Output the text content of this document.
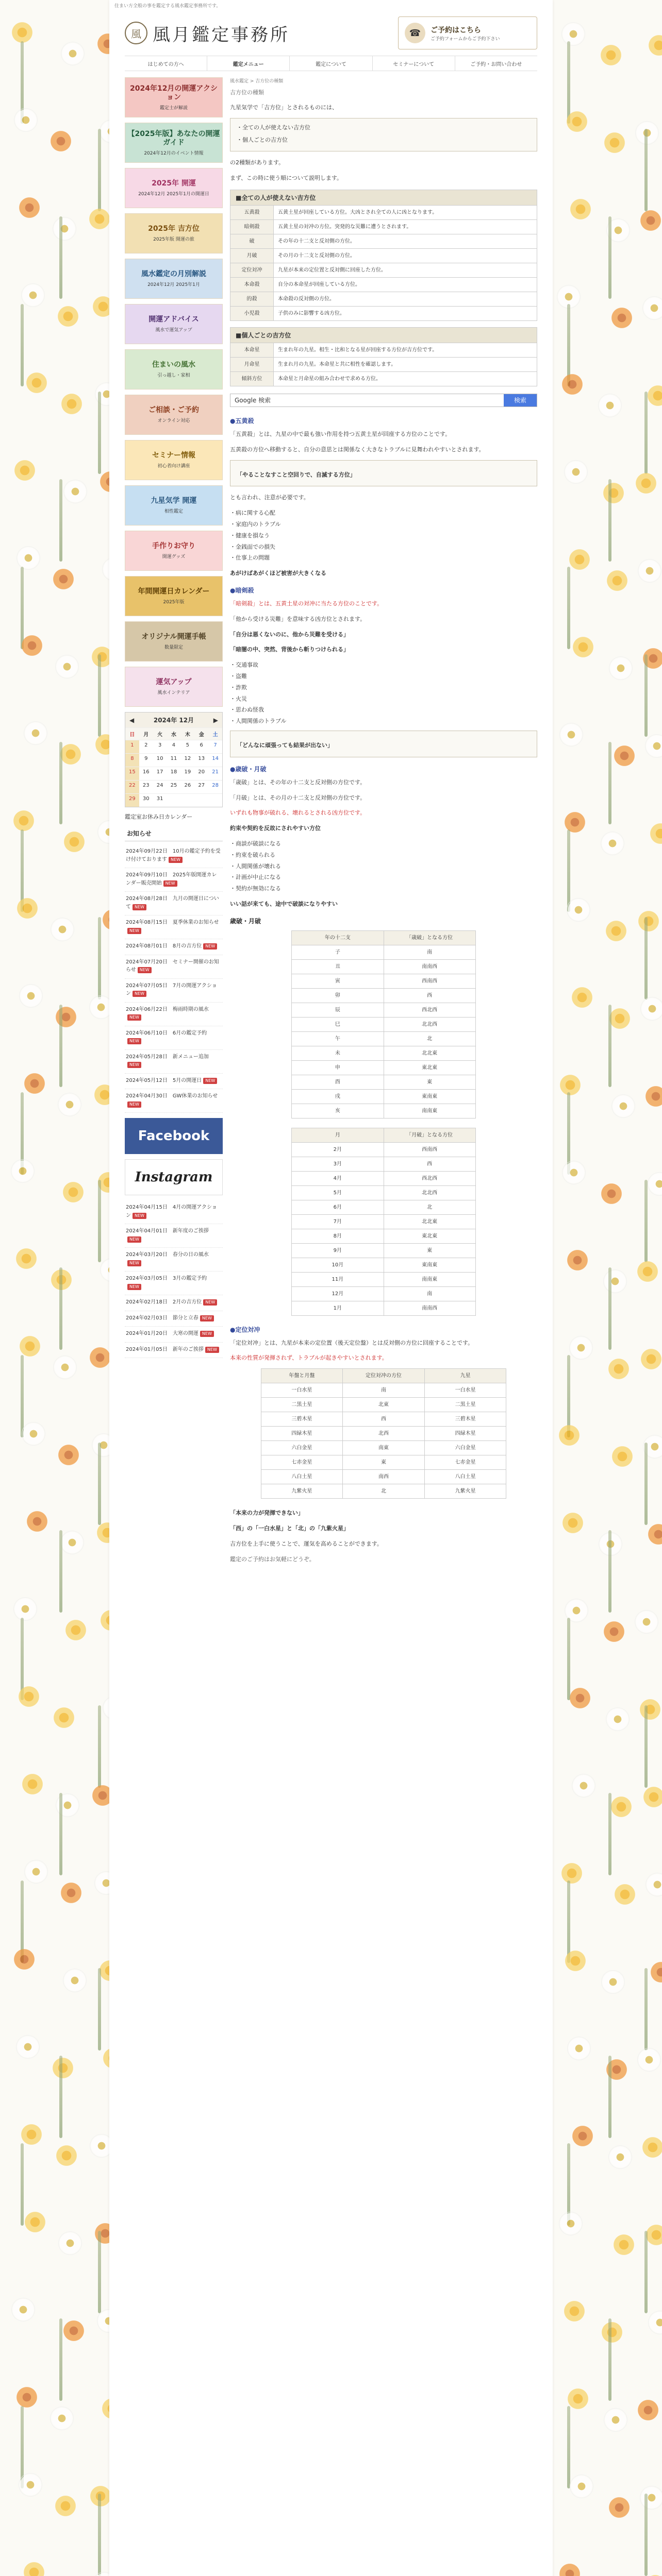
住まい方全般の事を鑑定する風水鑑定事務所です。
風 風月鑑定事務所	☎	ご予約はこちら
ご予約フォームからご予約下さい
はじめての方へ	鑑定メニュー	鑑定について	セミナーについて	ご予約・お問い合わせ
2024年12月の開運アクション
鑑定士が解説
【2025年版】あなたの開運ガイド
2024年12月のイベント情報
2025年 開運
2024年12月 2025年1月の開運日
2025年 吉方位
2025年版 開運の旅
風水鑑定の月別解説
2024年12月 2025年1月
開運アドバイス
風水で運気アップ
住まいの風水
引っ越し・家相
ご相談・ご予約
オンライン対応
セミナー情報
初心者向け講座
九星気学 開運
相性鑑定
手作りお守り
開運グッズ
年間開運日カレンダー
2025年版
オリジナル開運手帳
数量限定
運気アップ
風水インテリア
◀	2024年 12月	▶
日	月	火	水	木	金	土
1	2	3	4	5	6	7
8	9	10	11	12	13	14
15	16	17	18	19	20	21
22	23	24	25	26	27	28
29	30	31
鑑定室お休み日カレンダー
お知らせ
2024年09月22日　10月の鑑定予約を受け付けております NEW
2024年09月10日　2025年版開運カレンダー販売開始 NEW
2024年08月28日　九月の開運日について NEW
2024年08月15日　夏季休業のお知らせNEW
2024年08月01日　8月の吉方位 NEW
2024年07月20日　セミナー開催のお知らせ NEW
2024年07月05日　7月の開運アクション NEW
2024年06月22日　梅雨時期の風水NEW
2024年06月10日　6月の鑑定予約NEW
2024年05月28日　新メニュー追加NEW
2024年05月12日　5月の開運日 NEW
2024年04月30日　GW休業のお知らせNEW
Facebook
Instagram
2024年04月15日　4月の開運アクション NEW
2024年04月01日　新年度のご挨拶NEW
2024年03月20日　春分の日の風水NEW
2024年03月05日　3月の鑑定予約NEW
2024年02月18日　2月の吉方位 NEW
2024年02月03日　節分と立春 NEW
2024年01月20日　大寒の開運 NEW
2024年01月05日　新年のご挨拶 NEW
風水鑑定 > 吉方位の種類
吉方位の種類

九星気学で「吉方位」とされるものには、

・全ての人が使えない吉方位

・個人ごとの吉方位

の2種類があります。

まず、この時に使う順について説明します。

■全ての人が使えない吉方位
五黄殺	五黄土星が回座している方位。大凶とされ全ての人に凶となります。
暗剣殺	五黄土星の対冲の方位。突発的な災難に遭うとされます。
破	その年の十二支と反対側の方位。
月破	その月の十二支と反対側の方位。
定位対冲	九星が本来の定位置と反対側に回座した方位。
本命殺	自分の本命星が回座している方位。
的殺	本命殺の反対側の方位。
小児殺	子供のみに影響する凶方位。
■個人ごとの吉方位
本命星	生まれ年の九星。相生・比和となる星が回座する方位が吉方位です。
月命星	生まれ月の九星。本命星と共に相性を確認します。
傾斜方位	本命星と月命星の組み合わせで求める方位。
Google 検索	検索
●五黄殺

「五黄殺」とは、九星の中で最も強い作用を持つ五黄土星が回座する方位のことです。

五黄殺の方位へ移動すると、自分の意思とは関係なく大きなトラブルに見舞われやすいとされます。

「やることなすこと空回りで、自滅する方位」

とも言われ、注意が必要です。

・病に関する心配

・家庭内のトラブル

・健康を損なう

・金銭面での損失

・仕事上の問題

あがけばあがくほど被害が大きくなる

●暗剣殺

「暗剣殺」とは、五黄土星の対冲に当たる方位のことです。

「他から受ける災難」を意味する凶方位とされます。

「自分は悪くないのに、他から災難を受ける」

「暗闇の中、突然、背後から斬りつけられる」

・交通事故

・盗難

・詐欺

・火災

・思わぬ怪我

・人間関係のトラブル

「どんなに頑張っても結果が出ない」

●歳破・月破

「歳破」とは、その年の十二支と反対側の方位です。

「月破」とは、その月の十二支と反対側の方位です。

いずれも物事が破れる、壊れるとされる凶方位です。

約束や契約を反故にされやすい方位

・商談が破談になる

・約束を破られる

・人間関係が壊れる

・計画が中止になる

・契約が無効になる

いい話が来ても、途中で破談になりやすい

歳破・月破
年の十二支	「歳破」となる方位
子	南
丑	南南西
寅	西南西
卯	西
辰	西北西
巳	北北西
午	北
未	北北東
申	東北東
酉	東
戌	東南東
亥	南南東
月	「月破」となる方位
2月	西南西
3月	西
4月	西北西
5月	北北西
6月	北
7月	北北東
8月	東北東
9月	東
10月	東南東
11月	南南東
12月	南
1月	南南西
●定位対冲

「定位対冲」とは、九星が本来の定位置（後天定位盤）とは反対側の方位に回座することです。

本来の性質が発揮されず、トラブルが起きやすいとされます。

年盤と月盤	定位対冲の方位	九星
一白水星	南	一白水星
二黒土星	北東	二黒土星
三碧木星	西	三碧木星
四緑木星	北西	四緑木星
六白金星	南東	六白金星
七赤金星	東	七赤金星
八白土星	南西	八白土星
九紫火星	北	九紫火星

「本来の力が発揮できない」

「西」の「一白水星」と「北」の「九紫火星」

吉方位を上手に使うことで、運気を高めることができます。

鑑定のご予約はお気軽にどうぞ。
